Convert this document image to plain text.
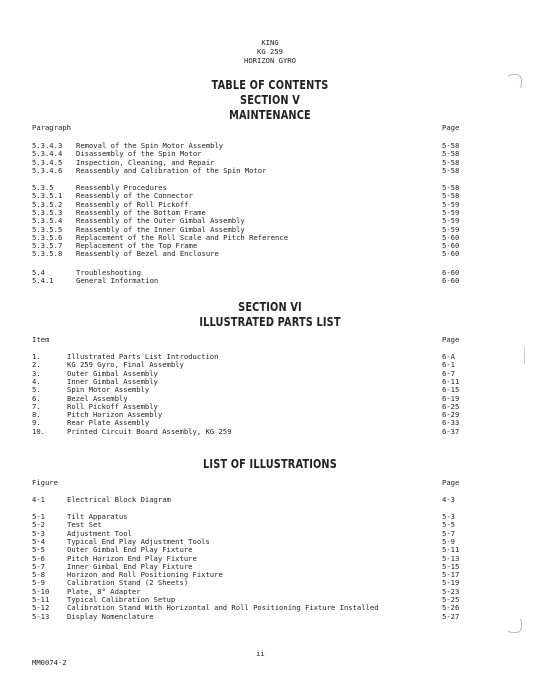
KING
KG 259
HORIZON GYRO
TABLE OF CONTENTS
SECTION V
MAINTENANCE
Paragraph	Page
5.3.4.3 Removal of the Spin Motor Assembly	5-58
5.3.4.4 Disassembly of the Spin Motor	5-58
5.3.4.5 Inspection, Cleaning, and Repair	5-58
5.3.4.6 Reassembly and Calibration of the Spin Motor	5-58
5.3.5	Reassembly Procedures	5-58
5.3.5.1 Reassembly of the Connector	5-58
5.3.5.2 Reassembly of Roll Pickoff	5-59
5.3.5.3 Reassembly of the Bottom Frame	5-59
5.3.5.4 Reassembly of the Outer Gimbal Assembly	5-59
5.3.5.5 Reassembly of the Inner Gimbal Assembly	5-59
5.3.5.6 Replacement of the Roll Scale and Pitch Reference	5-60
5.3.5.7 Replacement of the Top Frame	5-60
5.3.5.8 Reassembly of Bezel and Enclosure	5-60
5.4	Troubleshooting	6-60
5.4.1	General Information	6-60
SECTION VI
ILLUSTRATED PARTS LIST
Item	Page
1.	Illustrated Parts List Introduction	6-A
2.	KG 259 Gyro, Final Assembly	6-1
3.	Outer Gimbal Assembly	6-7
4.	Inner Gimbal Assembly	6-11
5.	Spin Motor Assembly	6-15
6.	Bezel Assembly	6-19
7.	Roll Pickoff Assembly	6-25
8.	Pitch Horizon Assembly	6-29
9.	Rear Plate Assembly	6-33
10.	Printed Circuit Board Assembly, KG 259	6-37
LIST OF ILLUSTRATIONS
Figure	Page
4-1	Electrical Block Diagram	4-3
5-1	Tilt Apparatus	5-3
5-2	Test Set	5-5
5-3	Adjustment Tool	5-7
5-4	Typical End Play Adjustment Tools	5-9
5-5	Outer Gimbal End Play Fixture	5-11
5-6	Pitch Horizon End Play Fixture	5-13
5-7	Inner Gimbal End Play Fixture	5-15
5-8	Horizon and Roll Positioning Fixture	5-17
5-9	Calibration Stand (2 Sheets)	5-19
5-10 Plate, 8° Adapter	5-23
5-11 Typical Calibration Setup	5-25
5-12 Calibration Stand With Horizontal and Roll Positioning Fixture Installed	5-26
5-13 Display Nomenclature	5-27
ii
MM0074-2
